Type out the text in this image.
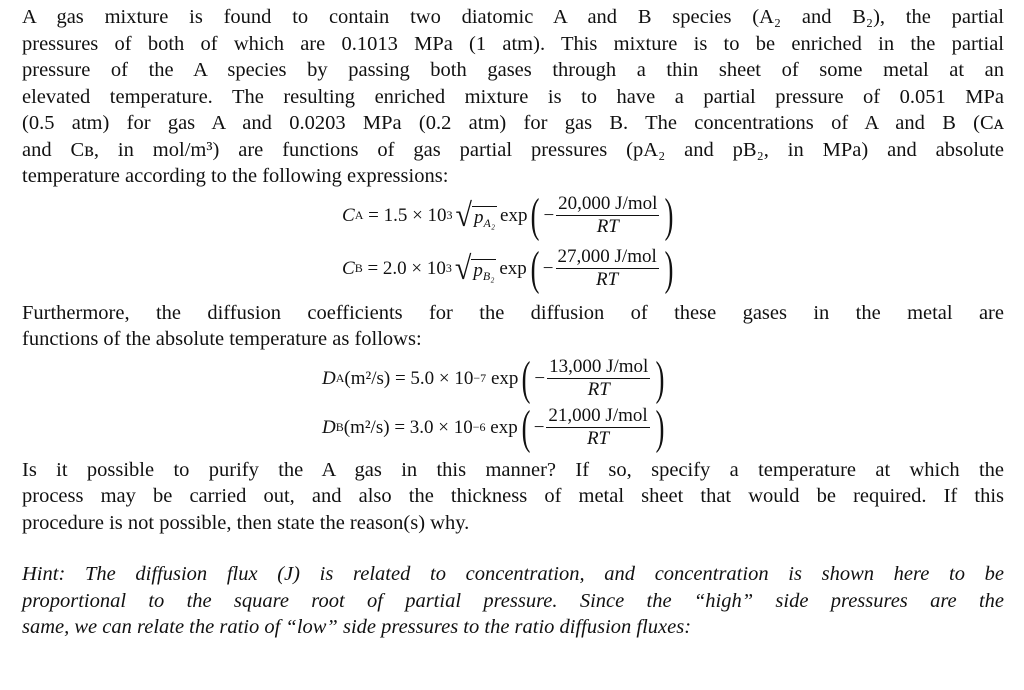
A gas mixture is found to contain two diatomic A and B species (A₂ and B₂), the partial
pressures of both of which are 0.1013 MPa (1 atm). This mixture is to be enriched in the partial
pressure of the A species by passing both gases through a thin sheet of some metal at an
elevated temperature. The resulting enriched mixture is to have a partial pressure of 0.051 MPa
(0.5 atm) for gas A and 0.0203 MPa (0.2 atm) for gas B. The concentrations of A and B (Cᴀ
and Cʙ, in mol/m³) are functions of gas partial pressures (pA₂ and pB₂, in MPa) and absolute
temperature according to the following expressions:
C A
= 1.5 ×
10 3 √ $p_{A_2}$ exp ( − $\frac{\text{20,000 J/mol}}{RT}$ )
C B
= 2.0 ×
10 3 √ $p_{B_2}$ exp ( − $\frac{\text{27,000 J/mol}}{RT}$ )
Furthermore, the diffusion coefficients for the diffusion of these gases in the metal are
functions of the absolute temperature as follows:
D A (m²/s)
= 5.0 ×
10 −7
exp ( − $\frac{\text{13,000 J/mol}}{RT}$ )
D B (m²/s)
= 3.0 ×
10 −6
exp ( − $\frac{\text{21,000 J/mol}}{RT}$ )
Is it possible to purify the A gas in this manner? If so, specify a temperature at which the
process may be carried out, and also the thickness of metal sheet that would be required. If this
procedure is not possible, then state the reason(s) why.
Hint: The diffusion flux (J) is related to concentration, and concentration is shown here to be
proportional to the square root of partial pressure. Since the “high” side pressures are the
same, we can relate the ratio of “low” side pressures to the ratio diffusion fluxes:
